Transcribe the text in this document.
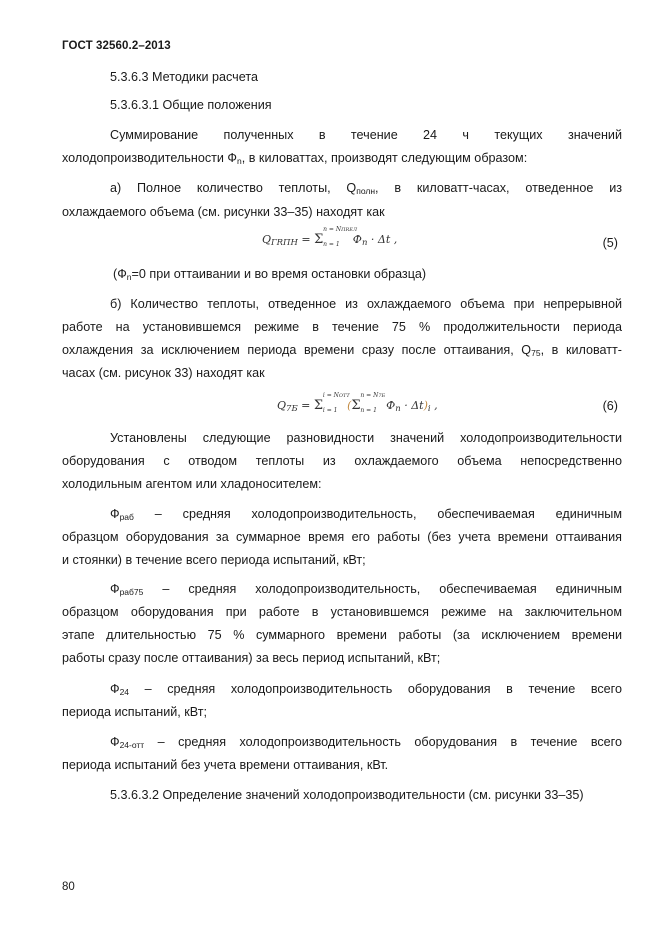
ГОСТ 32560.2–2013
5.3.6.3 Методики расчета
5.3.6.3.1 Общие положения
Суммирование полученных в течение 24 ч текущих значений
холодопроизводительности $Ф_n$, в киловаттах, производят следующим образом:
а) Полное количество теплоты, $Q_{полн}$, в киловатт-часах, отведенное из
охлаждаемого объема (см. рисунки 33–35) находят как
$Q_{ГRПН} = \Sigma$
n = NПRЕЛ
n = 1 $Ф_n \cdot \Delta t$ ,	(5)
($Ф_n=0$ при оттаивании и во время остановки образца)
б) Количество теплоты, отведенное из охлаждаемого объема при непрерывной
работе на установившемся режиме в течение 75 % продолжительности периода
охлаждения за исключением периода времени сразу после оттаивания, $Q_{75}$, в киловатт-
часах (см. рисунок 33) находят как
$Q_{7Б} = \Sigma$
i = NОТТ
i = 1 (Σ
n = N7Б
n = 1 $Ф_n \cdot \Delta t)_i$ ,	(6)
Установлены следующие разновидности значений холодопроизводительности
оборудования с отводом теплоты из охлаждаемого объема непосредственно
холодильным агентом или хладоносителем:
$Ф_{раб}$ – средняя холодопроизводительность, обеспечиваемая единичным
образцом оборудования за суммарное время его работы (без учета времени оттаивания
и стоянки) в течение всего периода испытаний, кВт;
$Ф_{раб75}$ – средняя холодопроизводительность, обеспечиваемая единичным
образцом оборудования при работе в установившемся режиме на заключительном
этапе длительностью 75 % суммарного времени работы (за исключением времени
работы сразу после оттаивания) за весь период испытаний, кВт;
$Ф_{24}$ – средняя холодопроизводительность оборудования в течение всего
периода испытаний, кВт;
$Ф_{24-отт}$ – средняя холодопроизводительность оборудования в течение всего
периода испытаний без учета времени оттаивания, кВт.
5.3.6.3.2 Определение значений холодопроизводительности (см. рисунки 33–35)
80
